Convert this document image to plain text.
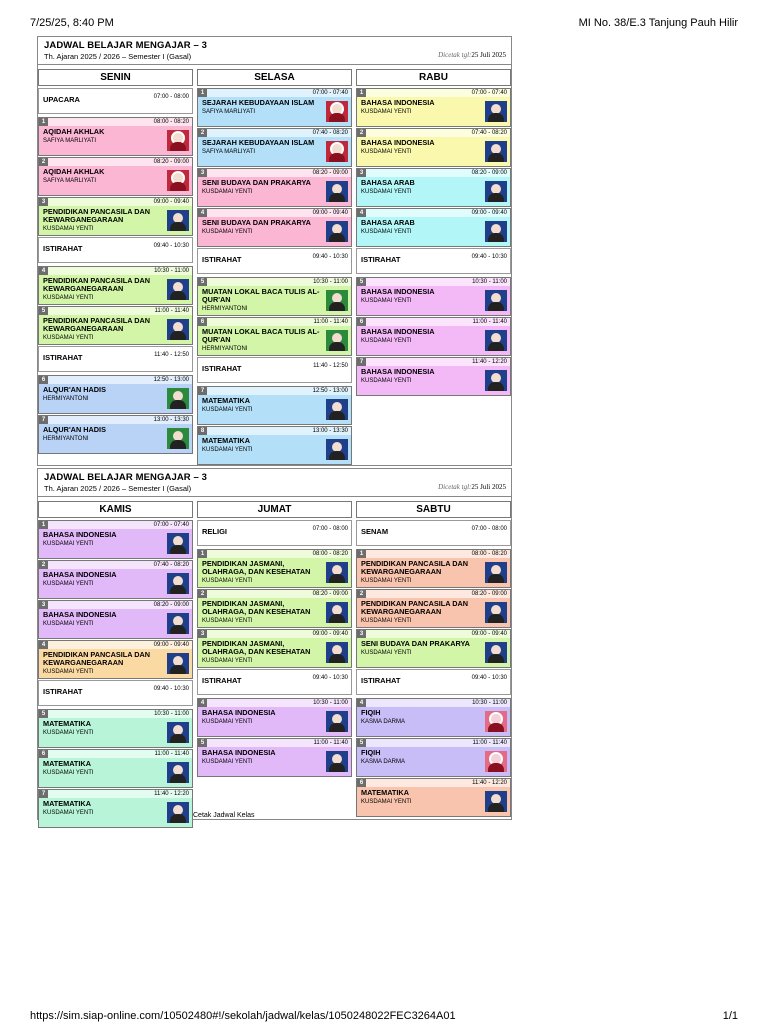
7/25/25, 8:40 PM	MI No. 38/E.3 Tanjung Pauh Hilir
JADWAL BELAJAR MENGAJAR – 3
Th. Ajaran 2025 / 2026 – Semester I (Gasal)	Dicetak tgl:25 Juli 2025
SENIN
UPACARA	07:00 - 08:00
1	08:00 - 08:20
AQIDAH AKHLAK
SAFIYA MARLIYATI
2	08:20 - 09:00
AQIDAH AKHLAK
SAFIYA MARLIYATI
3	09:00 - 09:40
PENDIDIKAN PANCASILA DAN KEWARGANEGARAAN
KUSDAMAI YENTI
ISTIRAHAT	09:40 - 10:30
4	10:30 - 11:00
PENDIDIKAN PANCASILA DAN KEWARGANEGARAAN
KUSDAMAI YENTI
5	11:00 - 11:40
PENDIDIKAN PANCASILA DAN KEWARGANEGARAAN
KUSDAMAI YENTI
ISTIRAHAT	11:40 - 12:50
6	12:50 - 13:00
ALQUR'AN HADIS
HERMIYANTONI
7	13:00 - 13:30
ALQUR'AN HADIS
HERMIYANTONI
SELASA
1	07:00 - 07:40
SEJARAH KEBUDAYAAN ISLAM
SAFIYA MARLIYATI
2	07:40 - 08:20
SEJARAH KEBUDAYAAN ISLAM
SAFIYA MARLIYATI
3	08:20 - 09:00
SENI BUDAYA DAN PRAKARYA
KUSDAMAI YENTI
4	09:00 - 09:40
SENI BUDAYA DAN PRAKARYA
KUSDAMAI YENTI
ISTIRAHAT	09:40 - 10:30
5	10:30 - 11:00
MUATAN LOKAL BACA TULIS AL-QUR'AN
HERMIYANTONI
6	11:00 - 11:40
MUATAN LOKAL BACA TULIS AL-QUR'AN
HERMIYANTONI
ISTIRAHAT	11:40 - 12:50
7	12:50 - 13:00
MATEMATIKA
KUSDAMAI YENTI
8	13:00 - 13:30
MATEMATIKA
KUSDAMAI YENTI
RABU
1	07:00 - 07:40
BAHASA INDONESIA
KUSDAMAI YENTI
2	07:40 - 08:20
BAHASA INDONESIA
KUSDAMAI YENTI
3	08:20 - 09:00
BAHASA ARAB
KUSDAMAI YENTI
4	09:00 - 09:40
BAHASA ARAB
KUSDAMAI YENTI
ISTIRAHAT	09:40 - 10:30
5	10:30 - 11:00
BAHASA INDONESIA
KUSDAMAI YENTI
6	11:00 - 11:40
BAHASA INDONESIA
KUSDAMAI YENTI
7	11:40 - 12:20
BAHASA INDONESIA
KUSDAMAI YENTI
JADWAL BELAJAR MENGAJAR – 3
Th. Ajaran 2025 / 2026 – Semester I (Gasal)	Dicetak tgl:25 Juli 2025
KAMIS
1	07:00 - 07:40
BAHASA INDONESIA
KUSDAMAI YENTI
2	07:40 - 08:20
BAHASA INDONESIA
KUSDAMAI YENTI
3	08:20 - 09:00
BAHASA INDONESIA
KUSDAMAI YENTI
4	09:00 - 09:40
PENDIDIKAN PANCASILA DAN KEWARGANEGARAAN
KUSDAMAI YENTI
ISTIRAHAT	09:40 - 10:30
5	10:30 - 11:00
MATEMATIKA
KUSDAMAI YENTI
6	11:00 - 11:40
MATEMATIKA
KUSDAMAI YENTI
7	11:40 - 12:20
MATEMATIKA
KUSDAMAI YENTI
JUMAT
RELIGI	07:00 - 08:00
1	08:00 - 08:20
PENDIDIKAN JASMANI, OLAHRAGA, DAN KESEHATAN
KUSDAMAI YENTI
2	08:20 - 09:00
PENDIDIKAN JASMANI, OLAHRAGA, DAN KESEHATAN
KUSDAMAI YENTI
3	09:00 - 09:40
PENDIDIKAN JASMANI, OLAHRAGA, DAN KESEHATAN
KUSDAMAI YENTI
ISTIRAHAT	09:40 - 10:30
4	10:30 - 11:00
BAHASA INDONESIA
KUSDAMAI YENTI
5	11:00 - 11:40
BAHASA INDONESIA
KUSDAMAI YENTI
SABTU
SENAM	07:00 - 08:00
1	08:00 - 08:20
PENDIDIKAN PANCASILA DAN KEWARGANEGARAAN
KUSDAMAI YENTI
2	08:20 - 09:00
PENDIDIKAN PANCASILA DAN KEWARGANEGARAAN
KUSDAMAI YENTI
3	09:00 - 09:40
SENI BUDAYA DAN PRAKARYA
KUSDAMAI YENTI
ISTIRAHAT	09:40 - 10:30
4	10:30 - 11:00
FIQIH
KASMA DARMA
5	11:00 - 11:40
FIQIH
KASMA DARMA
6	11:40 - 12:20
MATEMATIKA
KUSDAMAI YENTI
Cetak Jadwal Kelas
https://sim.siap-online.com/10502480#!/sekolah/jadwal/kelas/1050248022FEC3264A01	1/1
